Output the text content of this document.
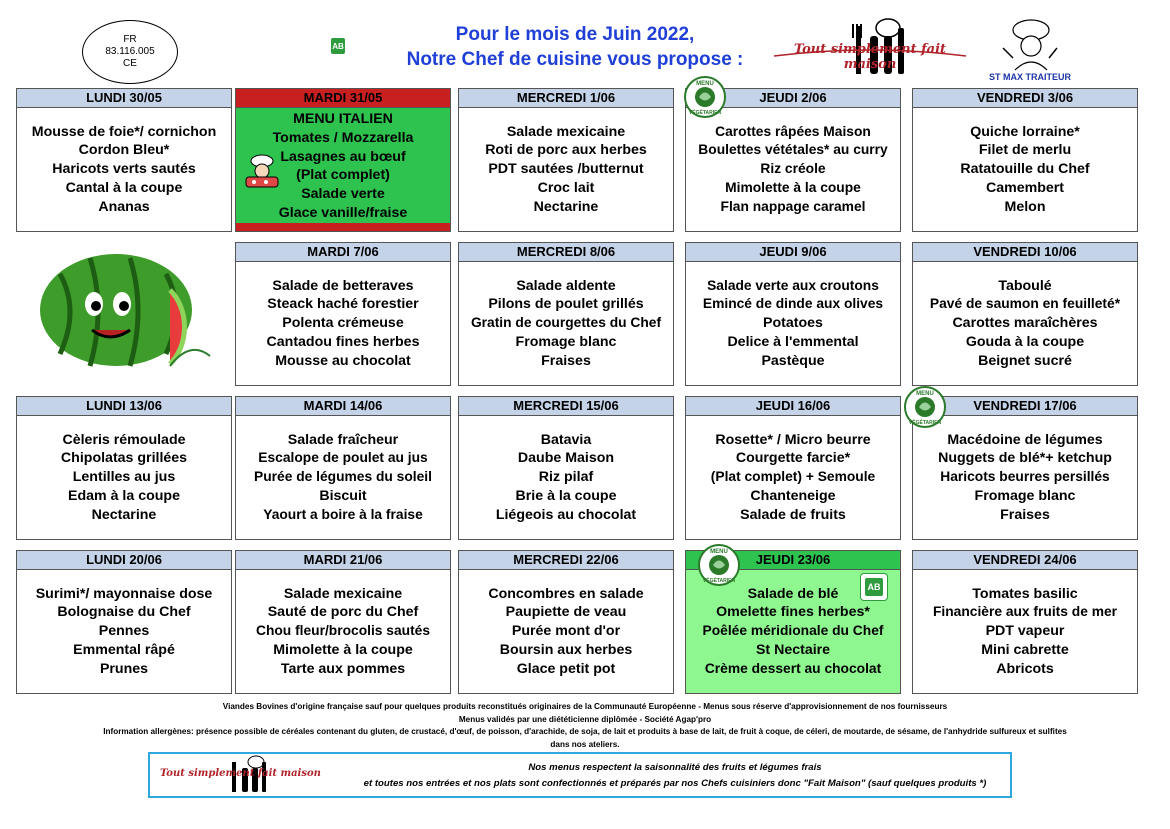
FR
83.116.005
CE
AB
Pour le mois de Juin 2022,
Notre Chef de cuisine vous propose :	Tout simplement fait maison
ST MAX TRAITEUR
LUNDI 30/05
Mousse de foie*/ cornichon
Cordon Bleu*
Haricots verts sautés
Cantal à la coupe
Ananas
MARDI 31/05
MENU ITALIEN
Tomates / Mozzarella
Lasagnes au bœuf
(Plat complet)
Salade verte
Glace vanille/fraise
MERCREDI 1/06
Salade mexicaine
Roti de porc aux herbes
PDT sautées /butternut
Croc lait
Nectarine
JEUDI 2/06
Carottes râpées Maison
Boulettes vététales* au curry
Riz créole
Mimolette à la coupe
Flan nappage caramel
VENDREDI 3/06
Quiche lorraine*
Filet de merlu
Ratatouille du Chef
Camembert
Melon
MENU
VÉGÉTARIEN
MARDI 7/06
Salade de betteraves
Steack haché forestier
Polenta crémeuse
Cantadou fines herbes
Mousse au chocolat
MERCREDI 8/06
Salade aldente
Pilons de poulet grillés
Gratin de courgettes du Chef
Fromage blanc
Fraises
JEUDI 9/06
Salade verte aux croutons
Emincé de dinde aux olives
Potatoes
Delice à l'emmental
Pastèque
VENDREDI 10/06
Taboulé
Pavé de saumon en feuilleté*
Carottes maraîchères
Gouda à la coupe
Beignet sucré
LUNDI 13/06
Cèleris rémoulade
Chipolatas grillées
Lentilles au jus
Edam à la coupe
Nectarine
MARDI 14/06
Salade fraîcheur
Escalope de poulet au jus
Purée de légumes du soleil
Biscuit
Yaourt a boire à la fraise
MERCREDI 15/06
Batavia
Daube Maison
Riz pilaf
Brie à la coupe
Liégeois au chocolat
JEUDI 16/06
Rosette* / Micro beurre
Courgette farcie*
(Plat complet) + Semoule
Chanteneige
Salade de fruits
VENDREDI 17/06
Macédoine de légumes
Nuggets de blé*+ ketchup
Haricots beurres persillés
Fromage blanc
Fraises
MENU
VÉGÉTARIEN
LUNDI 20/06
Surimi*/ mayonnaise dose
Bolognaise du Chef
Pennes
Emmental râpé
Prunes
MARDI 21/06
Salade mexicaine
Sauté de porc du Chef
Chou fleur/brocolis sautés
Mimolette à la coupe
Tarte aux pommes
MERCREDI 22/06
Concombres en salade
Paupiette de veau
Purée mont d'or
Boursin aux herbes
Glace petit pot
JEUDI 23/06
Salade de blé
Omelette fines herbes*
Poêlée méridionale du Chef
St Nectaire
Crème dessert au chocolat
AB
VENDREDI 24/06
Tomates basilic
Financière aux fruits de mer
PDT vapeur
Mini cabrette
Abricots
MENU
VÉGÉTARIEN
Viandes Bovines d'origine française sauf pour quelques produits reconstitués originaires de la Communauté Européenne - Menus sous réserve d'approvisionnement de nos fournisseurs
Menus validés par une diététicienne diplômée - Société Agap'pro
Information allergènes: présence possible de céréales contenant du gluten, de crustacé, d'œuf, de poisson, d'arachide, de soja, de lait et produits à base de lait, de fruit à coque, de céleri, de moutarde, de sésame, de l'anhydride sulfureux et sulfites
dans nos ateliers.
Tout simplement fait maison
Nos menus respectent la saisonnalité des fruits et légumes frais
et toutes nos entrées et nos plats sont confectionnés et préparés par nos Chefs cuisiniers donc "Fait Maison" (sauf quelques produits *)
